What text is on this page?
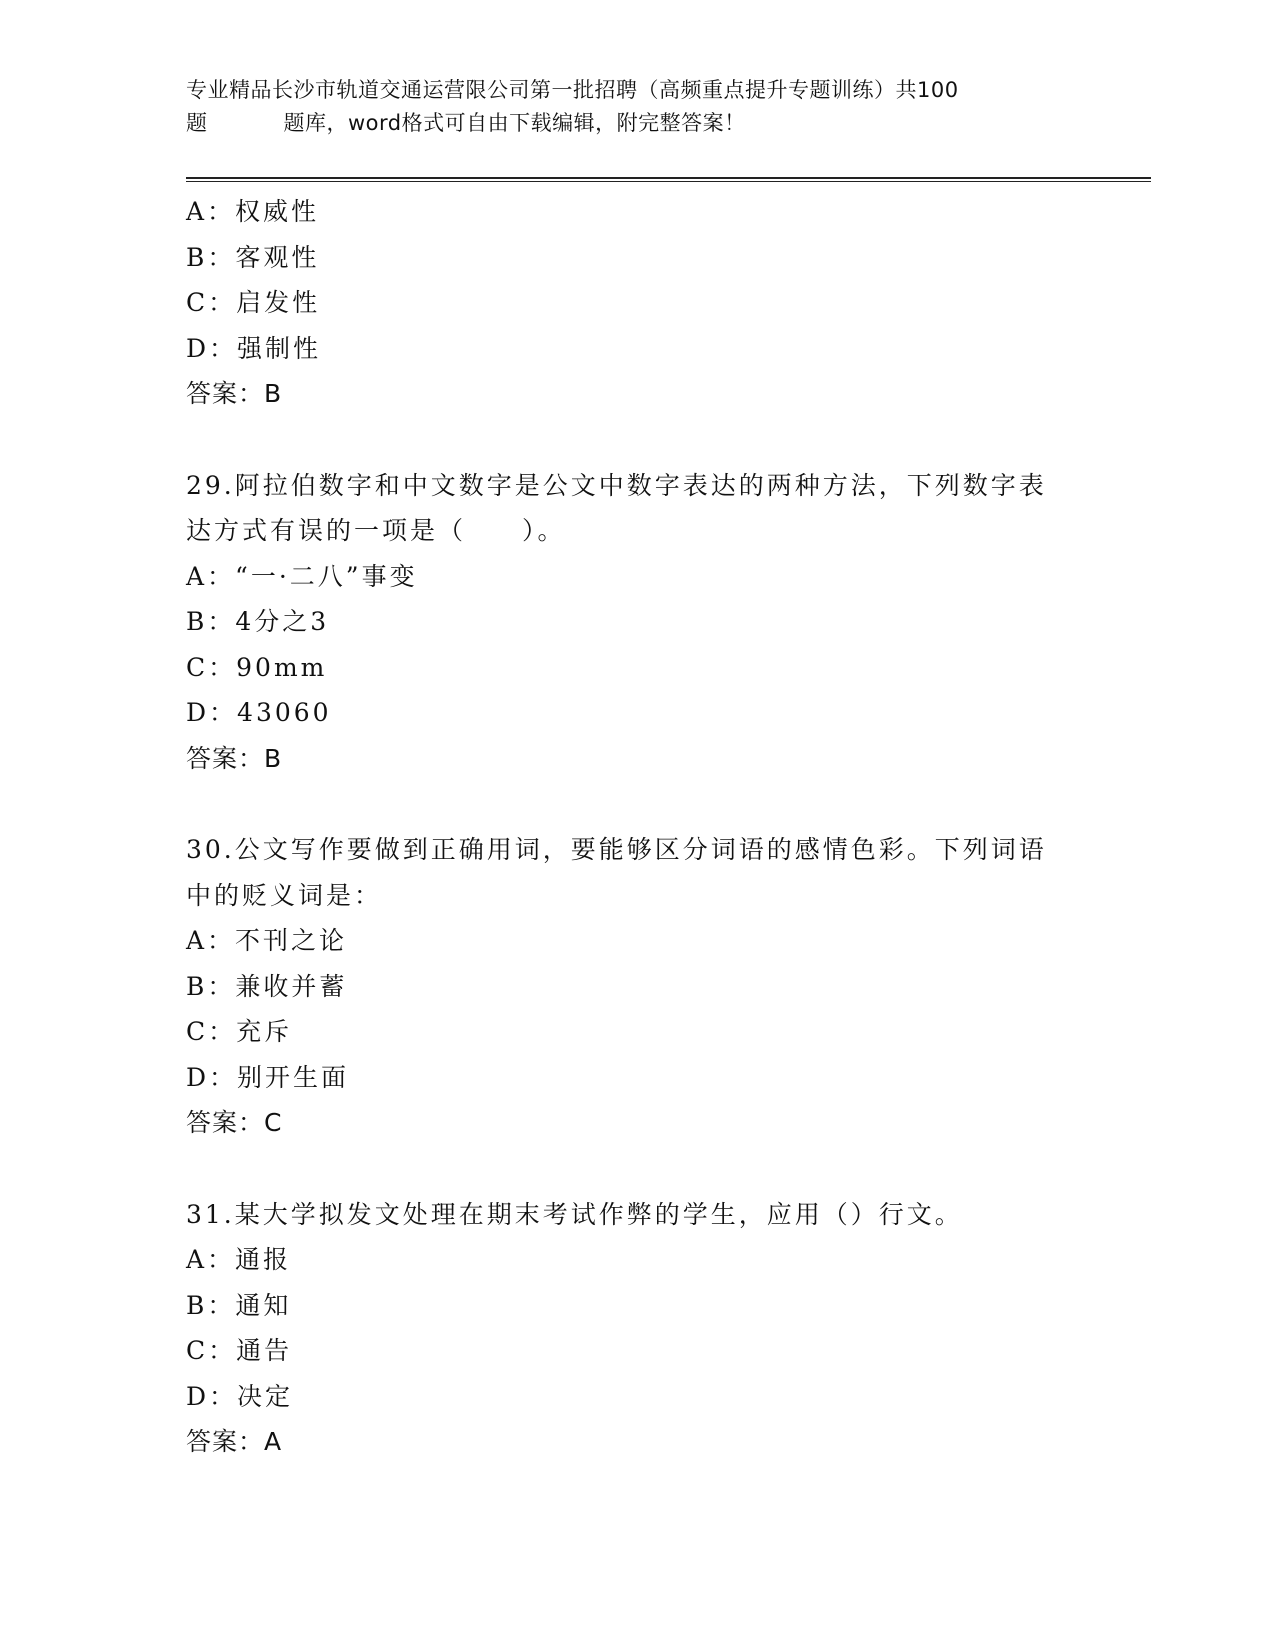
专业精品长沙市轨道交通运营限公司第一批招聘（高频重点提升专题训练）共100
题	题库，word格式可自由下载编辑，附完整答案！
A：权威性
B：客观性
C：启发性
D：强制性
答案：B
29.阿拉伯数字和中文数字是公文中数字表达的两种方法，下列数字表
达方式有误的一项是（　　）。
A：“一·二八”事变
B：4分之3
C：90mm
D：43060
答案：B
30.公文写作要做到正确用词，要能够区分词语的感情色彩。下列词语
中的贬义词是：
A：不刊之论
B：兼收并蓄
C：充斥
D：别开生面
答案：C
31.某大学拟发文处理在期末考试作弊的学生，应用（）行文。
A：通报
B：通知
C：通告
D：决定
答案：A
